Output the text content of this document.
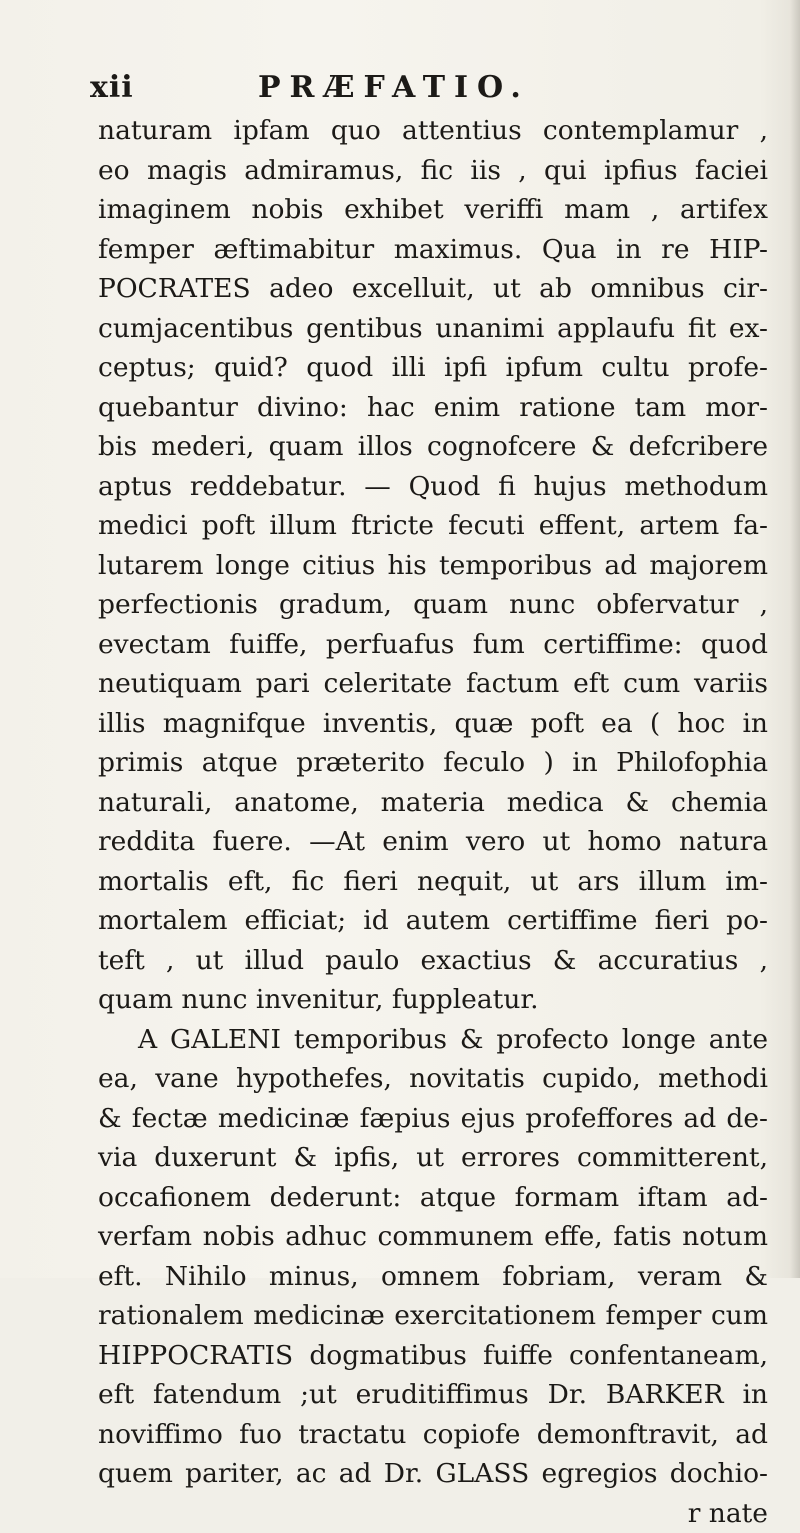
xii	PRÆFATIO.
naturam ipfam quo attentius contemplamur ,
eo magis admiramus, fic iis , qui ipfius faciei
imaginem nobis exhibet veriffi mam , artifex
femper æftimabitur maximus. Qua in re HIP-
POCRATES adeo excelluit, ut ab omnibus cir-
cumjacentibus gentibus unanimi applaufu fit ex-
ceptus; quid? quod illi ipfi ipfum cultu profe-
quebantur divino: hac enim ratione tam mor-
bis mederi, quam illos cognofcere & defcribere
aptus reddebatur. — Quod fi hujus methodum
medici poft illum ftricte fecuti effent, artem fa-
lutarem longe citius his temporibus ad majorem
perfectionis gradum, quam nunc obfervatur ,
evectam fuiffe, perfuafus fum certiffime: quod
neutiquam pari celeritate factum eft cum variis
illis magnifque inventis, quæ poft ea ( hoc in
primis atque præterito feculo ) in Philofophia
naturali, anatome, materia medica & chemia
reddita fuere. —At enim vero ut homo natura
mortalis eft, fic fieri nequit, ut ars illum im-
mortalem efficiat; id autem certiffime fieri po-
teft , ut illud paulo exactius & accuratius ,
quam nunc invenitur, fuppleatur.
A GALENI temporibus & profecto longe ante
ea, vane hypothefes, novitatis cupido, methodi
& fectæ medicinæ fæpius ejus profeffores ad de-
via duxerunt & ipfis, ut errores committerent,
occafionem dederunt: atque formam iftam ad-
verfam nobis adhuc communem effe, fatis notum
eft. Nihilo minus, omnem fobriam, veram &
rationalem medicinæ exercitationem femper cum
HIPPOCRATIS dogmatibus fuiffe confentaneam,
eft fatendum ;ut eruditiffimus Dr. BARKER in
noviffimo fuo tractatu copiofe demonftravit, ad
quem pariter, ac ad Dr. GLASS egregios dochio-
r nate
